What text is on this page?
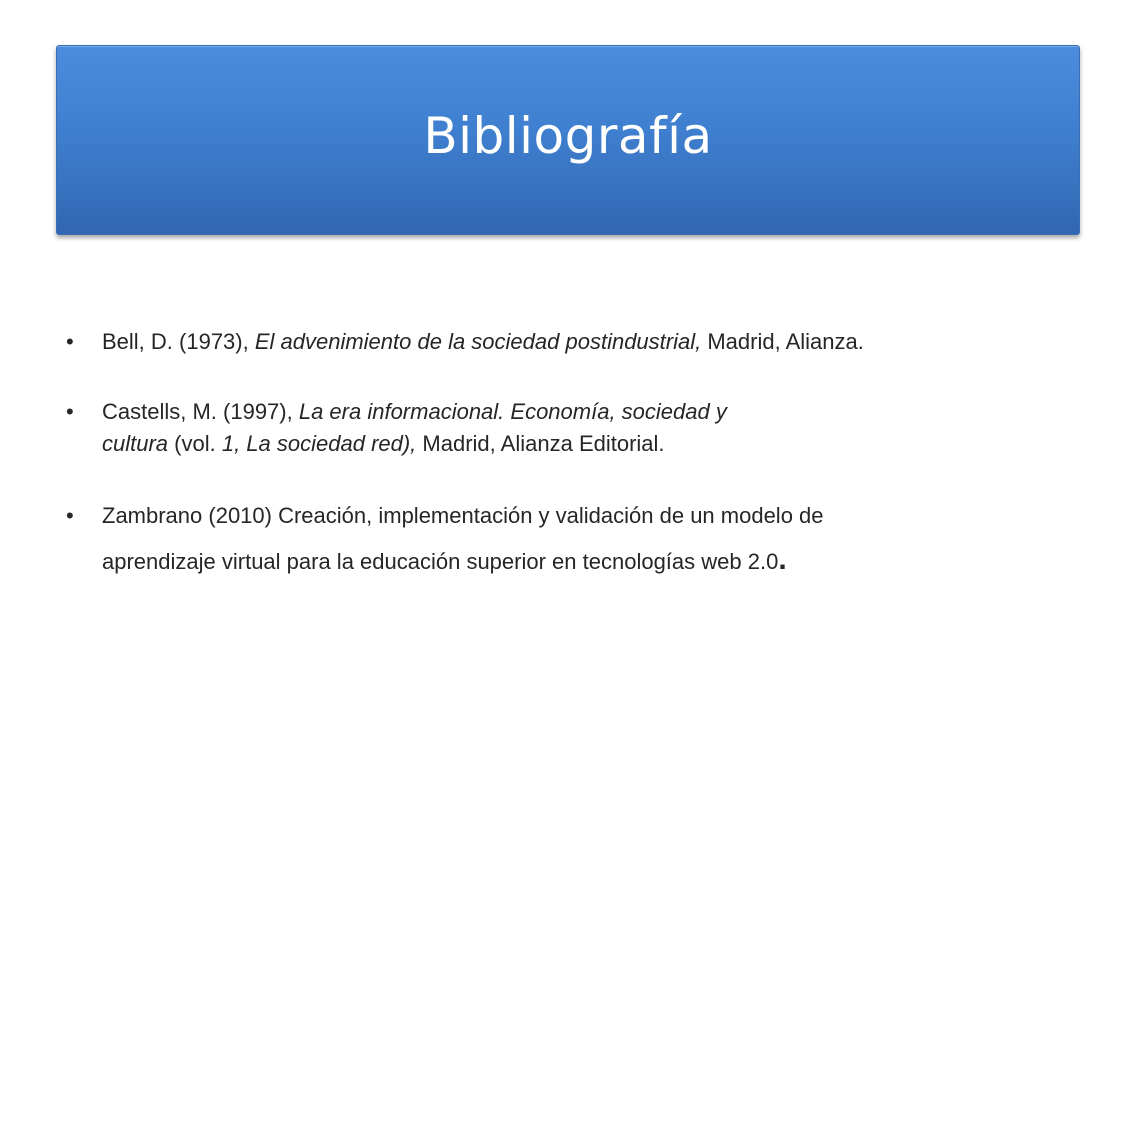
Bibliografía
•	Bell, D. (1973), El advenimiento de la sociedad postindustrial, Madrid, Alianza.
•	Castells, M. (1997), La era informacional. Economía, sociedad y
cultura (vol. 1, La sociedad red), Madrid, Alianza Editorial.
•	Zambrano (2010) Creación, implementación y validación de un modelo de
aprendizaje virtual para la educación superior en tecnologías web 2.0.
